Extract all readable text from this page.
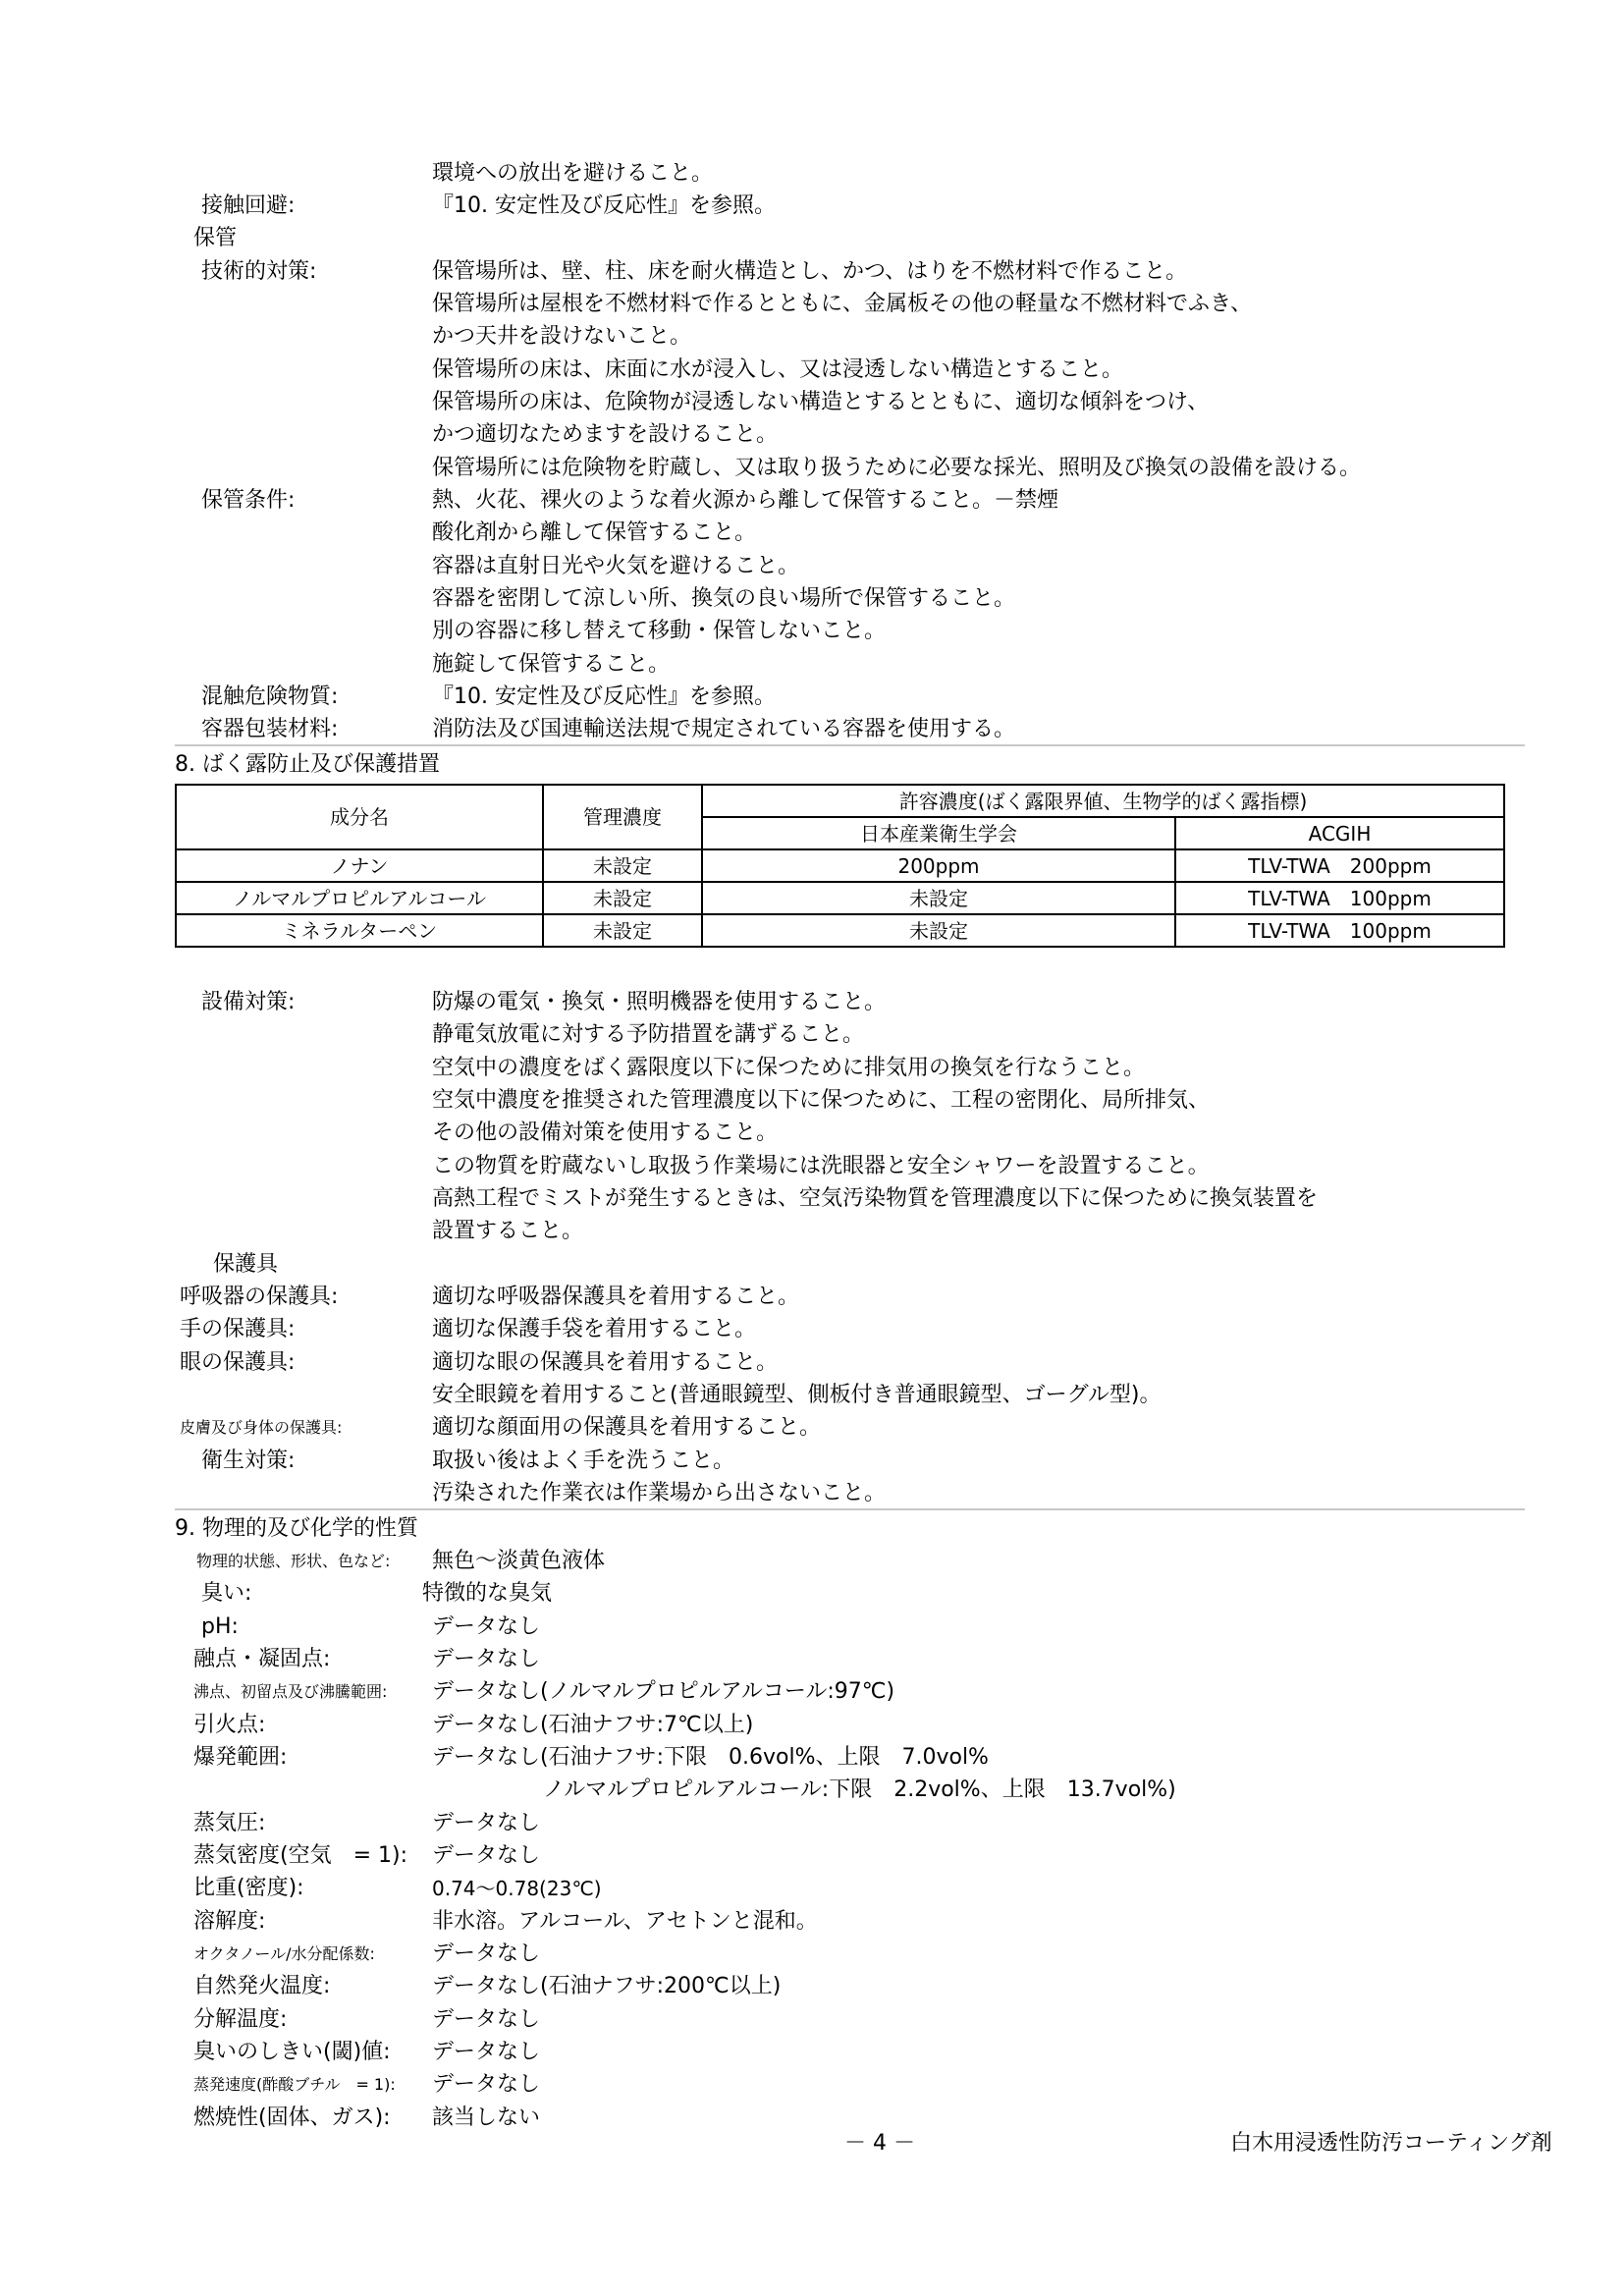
環境への放出を避けること。
接触回避:	『10. 安定性及び反応性』を参照。
保管
技術的対策:	保管場所は、壁、柱、床を耐火構造とし、かつ、はりを不燃材料で作ること。
保管場所は屋根を不燃材料で作るとともに、金属板その他の軽量な不燃材料でふき、
かつ天井を設けないこと。
保管場所の床は、床面に水が浸入し、又は浸透しない構造とすること。
保管場所の床は、危険物が浸透しない構造とするとともに、適切な傾斜をつけ、
かつ適切なためますを設けること。
保管場所には危険物を貯蔵し、又は取り扱うために必要な採光、照明及び換気の設備を設ける。
保管条件:	熱、火花、裸火のような着火源から離して保管すること。－禁煙
酸化剤から離して保管すること。
容器は直射日光や火気を避けること。
容器を密閉して涼しい所、換気の良い場所で保管すること。
別の容器に移し替えて移動・保管しないこと。
施錠して保管すること。
混触危険物質:	『10. 安定性及び反応性』を参照。
容器包装材料:	消防法及び国連輸送法規で規定されている容器を使用する。
8. ばく露防止及び保護措置
成分名	管理濃度	許容濃度(ばく露限界値、生物学的ばく露指標)	
		日本産業衛生学会	ACGIH
ノナン	未設定	200ppm	TLV-TWA　200ppm
ノルマルプロピルアルコール	未設定	未設定	TLV-TWA　100ppm
ミネラルターペン	未設定	未設定	TLV-TWA　100ppm
設備対策:	防爆の電気・換気・照明機器を使用すること。
静電気放電に対する予防措置を講ずること。
空気中の濃度をばく露限度以下に保つために排気用の換気を行なうこと。
空気中濃度を推奨された管理濃度以下に保つために、工程の密閉化、局所排気、
その他の設備対策を使用すること。
この物質を貯蔵ないし取扱う作業場には洗眼器と安全シャワーを設置すること。
高熱工程でミストが発生するときは、空気汚染物質を管理濃度以下に保つために換気装置を
設置すること。
保護具
呼吸器の保護具:	適切な呼吸器保護具を着用すること。
手の保護具:	適切な保護手袋を着用すること。
眼の保護具:	適切な眼の保護具を着用すること。
安全眼鏡を着用すること(普通眼鏡型、側板付き普通眼鏡型、ゴーグル型)。
皮膚及び身体の保護具:	適切な顔面用の保護具を着用すること。
衛生対策:	取扱い後はよく手を洗うこと。
汚染された作業衣は作業場から出さないこと。
9. 物理的及び化学的性質
物理的状態、形状、色など: 無色～淡黄色液体
臭い:	特徴的な臭気
pH:	データなし
融点・凝固点:	データなし
沸点、初留点及び沸騰範囲: データなし(ノルマルプロピルアルコール:97℃)
引火点:	データなし(石油ナフサ:7℃以上)
爆発範囲:	データなし(石油ナフサ:下限　0.6vol%、上限　7.0vol%
ノルマルプロピルアルコール:下限　2.2vol%、上限　13.7vol%)
蒸気圧:	データなし
蒸気密度(空気　= 1): データなし
比重(密度):	0.74～0.78(23℃)
溶解度:	非水溶。アルコール、アセトンと混和。
オクタノール/水分配係数:	データなし
自然発火温度:	データなし(石油ナフサ:200℃以上)
分解温度:	データなし
臭いのしきい(閾)値: データなし
蒸発速度(酢酸ブチル　= 1): データなし
燃焼性(固体、ガス): 該当しない
－ 4 －	白木用浸透性防汚コーティング剤
